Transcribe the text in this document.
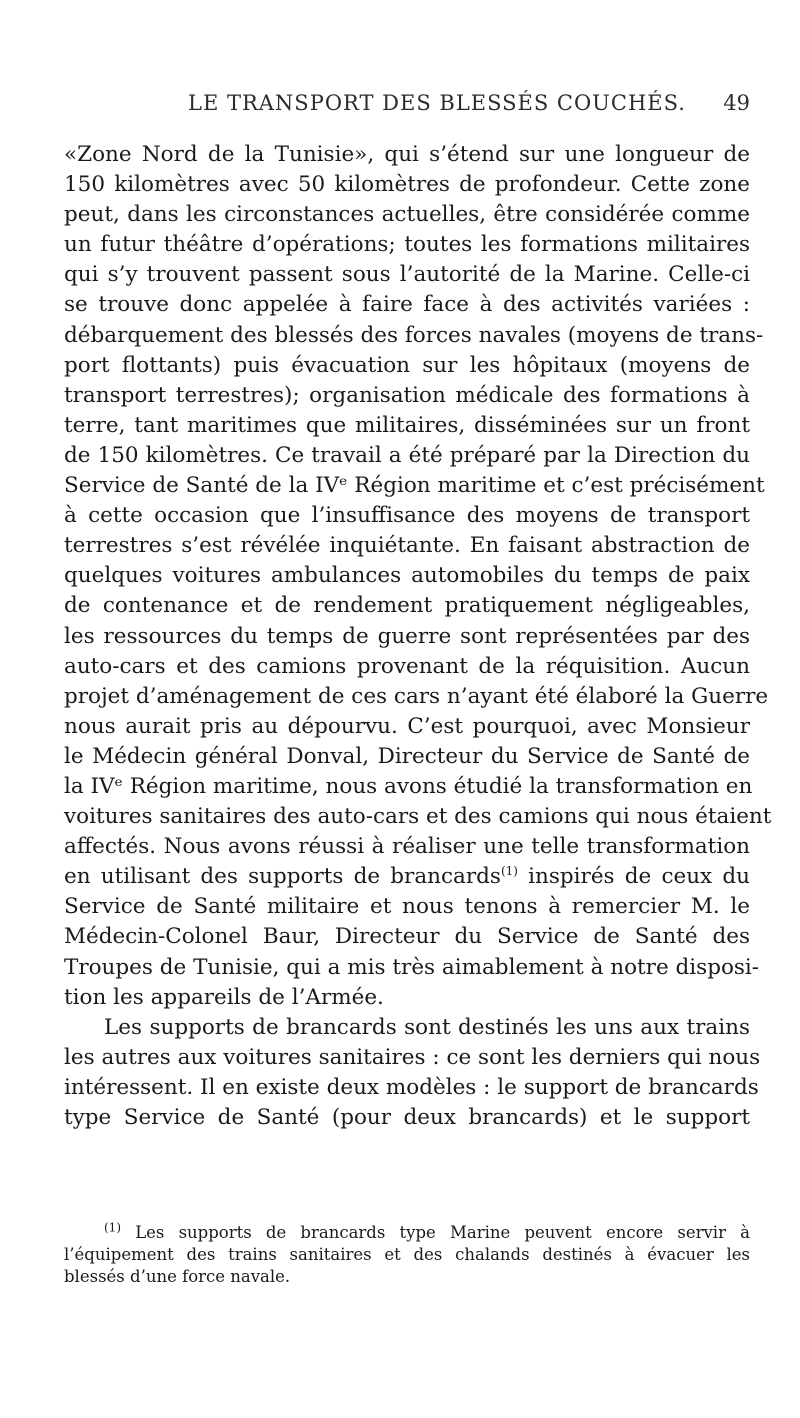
LE TRANSPORT DES BLESSÉS COUCHÉS. 49

«Zone Nord de la Tunisie», qui s’étend sur une longueur de
150 kilomètres avec 50 kilomètres de profondeur. Cette zone
peut, dans les circonstances actuelles, être considérée comme
un futur théâtre d’opérations; toutes les formations militaires
qui s’y trouvent passent sous l’autorité de la Marine. Celle-ci
se trouve donc appelée à faire face à des activités variées :
débarquement des blessés des forces navales (moyens de trans-
port flottants) puis évacuation sur les hôpitaux (moyens de
transport terrestres); organisation médicale des formations à
terre, tant maritimes que militaires, disséminées sur un front
de 150 kilomètres. Ce travail a été préparé par la Direction du
Service de Santé de la IVᵉ Région maritime et c’est précisément
à cette occasion que l’insuffisance des moyens de transport
terrestres s’est révélée inquiétante. En faisant abstraction de
quelques voitures ambulances automobiles du temps de paix
de contenance et de rendement pratiquement négligeables,
les ressources du temps de guerre sont représentées par des
auto-cars et des camions provenant de la réquisition. Aucun
projet d’aménagement de ces cars n’ayant été élaboré la Guerre
nous aurait pris au dépourvu. C’est pourquoi, avec Monsieur
le Médecin général Donval, Directeur du Service de Santé de
la IVᵉ Région maritime, nous avons étudié la transformation en
voitures sanitaires des auto-cars et des camions qui nous étaient
affectés. Nous avons réussi à réaliser une telle transformation
en utilisant des supports de brancards$^{(1)}$ inspirés de ceux du
Service de Santé militaire et nous tenons à remercier M. le
Médecin-Colonel Baur, Directeur du Service de Santé des
Troupes de Tunisie, qui a mis très aimablement à notre disposi-
tion les appareils de l’Armée.

Les supports de brancards sont destinés les uns aux trains
les autres aux voitures sanitaires : ce sont les derniers qui nous
intéressent. Il en existe deux modèles : le support de brancards
type Service de Santé (pour deux brancards) et le support

$^{(1)}$ Les supports de brancards type Marine peuvent encore servir à
l’équipement des trains sanitaires et des chalands destinés à évacuer les
blessés d’une force navale.
